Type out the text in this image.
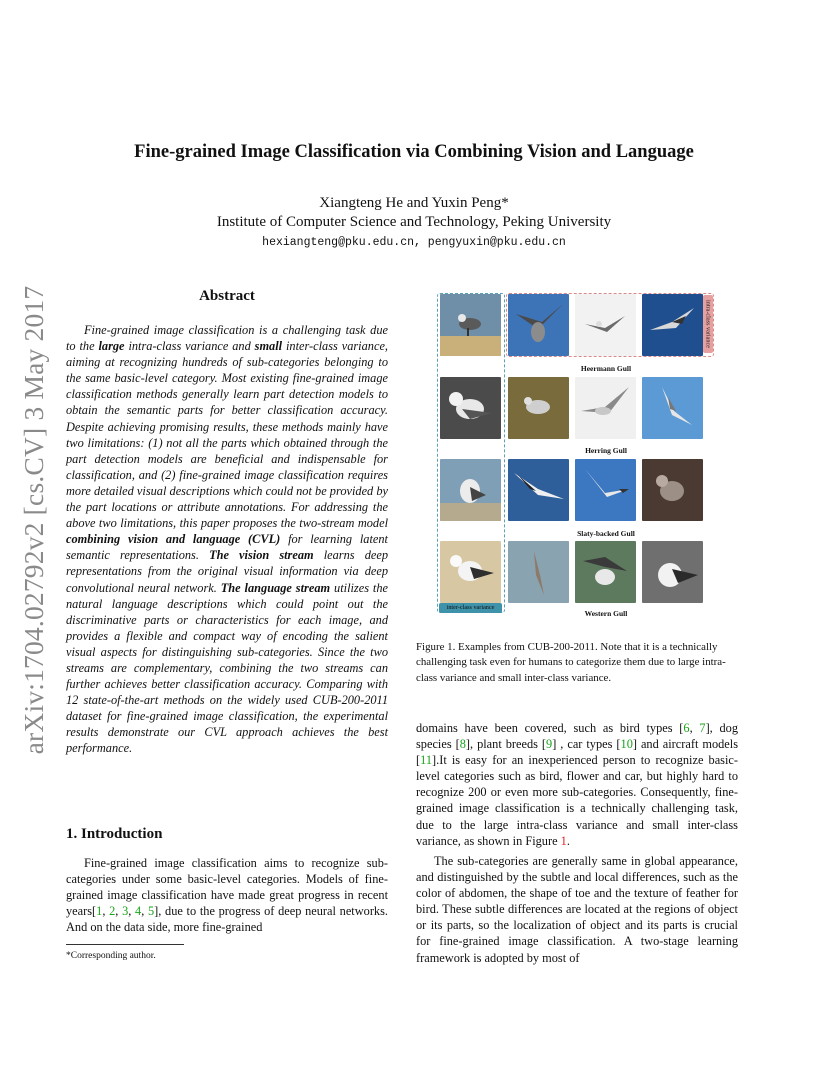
arXiv:1704.02792v2 [cs.CV] 3 May 2017
Fine-grained Image Classification via Combining Vision and Language
Xiangteng He and Yuxin Peng*
Institute of Computer Science and Technology, Peking University
hexiangteng@pku.edu.cn, pengyuxin@pku.edu.cn
Abstract

Fine-grained image classification is a challenging task due to the large intra-class variance and small inter-class variance, aiming at recognizing hundreds of sub-categories belonging to the same basic-level category. Most existing fine-grained image classification methods generally learn part detection models to obtain the semantic parts for better classification accuracy. Despite achieving promising results, these methods mainly have two limitations: (1) not all the parts which obtained through the part detection models are beneficial and indispensable for classification, and (2) fine-grained image classification requires more detailed visual descriptions which could not be provided by the part locations or attribute annotations. For addressing the above two limitations, this paper proposes the two-stream model combining vision and language (CVL) for learning latent semantic representations. The vision stream learns deep representations from the original visual information via deep convolutional neural network. The language stream utilizes the natural language descriptions which could point out the discriminative parts or characteristics for each image, and provides a flexible and compact way of encoding the salient visual aspects for distinguishing sub-categories. Since the two streams are complementary, combining the two streams can further achieves better classification accuracy. Comparing with 12 state-of-the-art methods on the widely used CUB-200-2011 dataset for fine-grained image classification, the experimental results demonstrate our CVL approach achieves the best performance.

1. Introduction

Fine-grained image classification aims to recognize sub-categories under some basic-level categories. Models of fine-grained image classification have made great progress in recent years[1, 2, 3, 4, 5], due to the progress of deep neural networks. And on the data side, more fine-grained

*Corresponding author.
intra-class variance
inter-class variance
Heermann Gull
Herring Gull
Slaty-backed Gull
Western Gull
Figure 1. Examples from CUB-200-2011. Note that it is a technically challenging task even for humans to categorize them due to large intra-class variance and small inter-class variance.

domains have been covered, such as bird types [6, 7], dog species [8], plant breeds [9] , car types [10] and aircraft models [11].It is easy for an inexperienced person to recognize basic-level categories such as bird, flower and car, but highly hard to recognize 200 or even more sub-categories. Consequently, fine-grained image classification is a technically challenging task, due to the large intra-class variance and small inter-class variance, as shown in Figure 1.

The sub-categories are generally same in global appearance, and distinguished by the subtle and local differences, such as the color of abdomen, the shape of toe and the texture of feather for bird. These subtle differences are located at the regions of object or its parts, so the localization of object and its parts is crucial for fine-grained image classification. A two-stage learning framework is adopted by most of
